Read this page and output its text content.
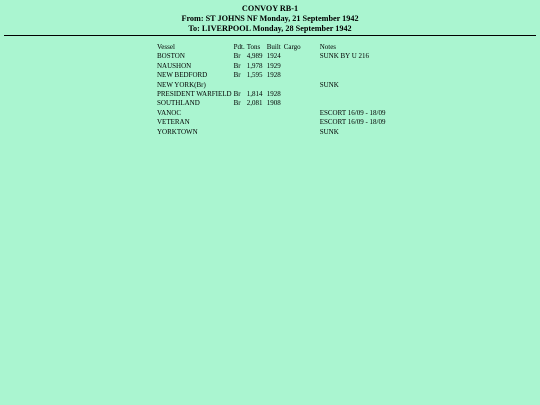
CONVOY RB-1
From: ST JOHNS NF Monday, 21 September 1942
To: LIVERPOOL Monday, 28 September 1942
Vessel	Pdt.	Tons	Built	Cargo	Notes
BOSTON	Br	4,989	1924		SUNK BY U 216
NAUSHON	Br	1,978	1929		
NEW BEDFORD	Br	1,595	1928		
NEW YORK(Br)					SUNK
PRESIDENT WARFIELD	Br	1,814	1928		
SOUTHLAND	Br	2,081	1908		
VANOC					ESCORT 16/09 - 18/09
VETERAN					ESCORT 16/09 - 18/09
YORKTOWN					SUNK
